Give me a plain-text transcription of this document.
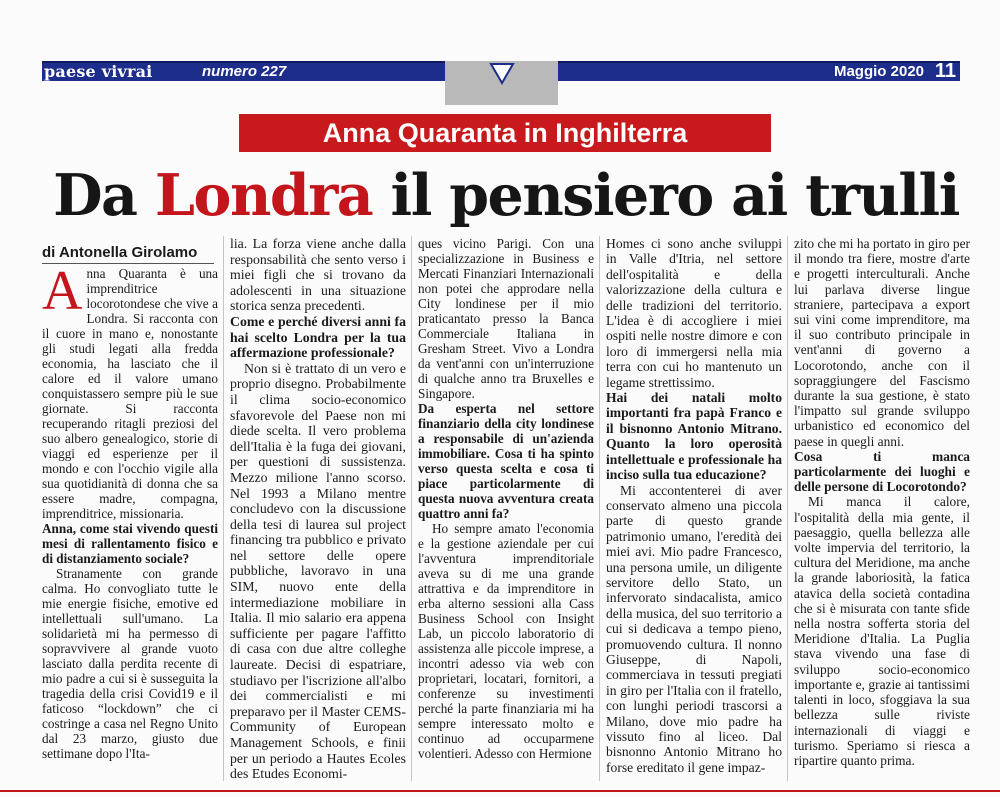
paese vivrai	numero 227	Maggio 2020 11
Anna Quaranta in Inghilterra
Da Londra il pensiero ai trulli
di Antonella Girolamo

Anna Quaranta è una imprenditrice locorotondese che vive a Londra. Si racconta con il cuore in mano e, nonostante gli studi legati alla fredda economia, ha lasciato che il calore ed il valore umano conquistassero sempre più le sue giornate. Si racconta recuperando ritagli preziosi del suo albero genealogico, storie di viaggi ed esperienze per il mondo e con l'occhio vigile alla sua quotidianità di donna che sa essere madre, compagna, imprenditrice, missionaria.

Anna, come stai vivendo questi mesi di rallentamento fisico e di distanziamento sociale?

Stranamente con grande calma. Ho convogliato tutte le mie energie fisiche, emotive ed intellettuali sull'umano. La solidarietà mi ha permesso di sopravvivere al grande vuoto lasciato dalla perdita recente di mio padre a cui si è susseguita la tragedia della crisi Covid19 e il faticoso “lockdown” che ci costringe a casa nel Regno Unito dal 23 marzo, giusto due settimane dopo l'Ita-

lia. La forza viene anche dalla responsabilità che sento verso i miei figli che si trovano da adolescenti in una situazione storica senza precedenti.

Come e perché diversi anni fa hai scelto Londra per la tua affermazione professionale?

Non si è trattato di un vero e proprio disegno. Probabilmente il clima socio-economico sfavorevole del Paese non mi diede scelta. Il vero problema dell'Italia è la fuga dei giovani, per questioni di sussistenza. Mezzo milione l'anno scorso. Nel 1993 a Milano mentre concludevo con la discussione della tesi di laurea sul project financing tra pubblico e privato nel settore delle opere pubbliche, lavoravo in una SIM, nuovo ente della intermediazione mobiliare in Italia. Il mio salario era appena sufficiente per pagare l'affitto di casa con due altre colleghe laureate. Decisi di espatriare, studiavo per l'iscrizione all'albo dei commercialisti e mi preparavo per il Master CEMS-Community of European Management Schools, e finii per un periodo a Hautes Ecoles des Etudes Economi-

ques vicino Parigi. Con una specializzazione in Business e Mercati Finanziari Internazionali non potei che approdare nella City londinese per il mio praticantato presso la Banca Commerciale Italiana in Gresham Street. Vivo a Londra da vent'anni con un'interruzione di qualche anno tra Bruxelles e Singapore.

Da esperta nel settore finanziario della city londinese a responsabile di un'azienda immobiliare. Cosa ti ha spinto verso questa scelta e cosa ti piace particolarmente di questa nuova avventura creata quattro anni fa?

Ho sempre amato l'economia e la gestione aziendale per cui l'avventura imprenditoriale aveva su di me una grande attrattiva e da imprenditore in erba alterno sessioni alla Cass Business School con Insight Lab, un piccolo laboratorio di assistenza alle piccole imprese, a incontri adesso via web con proprietari, locatari, fornitori, a conferenze su investimenti perché la parte finanziaria mi ha sempre interessato molto e continuo ad occuparmene volentieri. Adesso con Hermione

Homes ci sono anche sviluppi in Valle d'Itria, nel settore dell'ospitalità e della valorizzazione della cultura e delle tradizioni del territorio. L'idea è di accogliere i miei ospiti nelle nostre dimore e con loro di immergersi nella mia terra con cui ho mantenuto un legame strettissimo.

Hai dei natali molto importanti fra papà Franco e il bisnonno Antonio Mitrano. Quanto la loro operosità intellettuale e professionale ha inciso sulla tua educazione?

Mi accontenterei di aver conservato almeno una piccola parte di questo grande patrimonio umano, l'eredità dei miei avi. Mio padre Francesco, una persona umile, un diligente servitore dello Stato, un infervorato sindacalista, amico della musica, del suo territorio a cui si dedicava a tempo pieno, promuovendo cultura. Il nonno Giuseppe, di Napoli, commerciava in tessuti pregiati in giro per l'Italia con il fratello, con lunghi periodi trascorsi a Milano, dove mio padre ha vissuto fino al liceo. Dal bisnonno Antonio Mitrano ho forse ereditato il gene impaz-

zito che mi ha portato in giro per il mondo tra fiere, mostre d'arte e progetti interculturali. Anche lui parlava diverse lingue straniere, partecipava a export sui vini come imprenditore, ma il suo contributo principale in vent'anni di governo a Locorotondo, anche con il sopraggiungere del Fascismo durante la sua gestione, è stato l'impatto sul grande sviluppo urbanistico ed economico del paese in quegli anni.

Cosa ti manca particolarmente dei luoghi e delle persone di Locorotondo?

Mi manca il calore, l'ospitalità della mia gente, il paesaggio, quella bellezza alle volte impervia del territorio, la cultura del Meridione, ma anche la grande laboriosità, la fatica atavica della società contadina che si è misurata con tante sfide nella nostra sofferta storia del Meridione d'Italia. La Puglia stava vivendo una fase di sviluppo socio-economico importante e, grazie ai tantissimi talenti in loco, sfoggiava la sua bellezza sulle riviste internazionali di viaggi e turismo. Speriamo si riesca a ripartire quanto prima.
